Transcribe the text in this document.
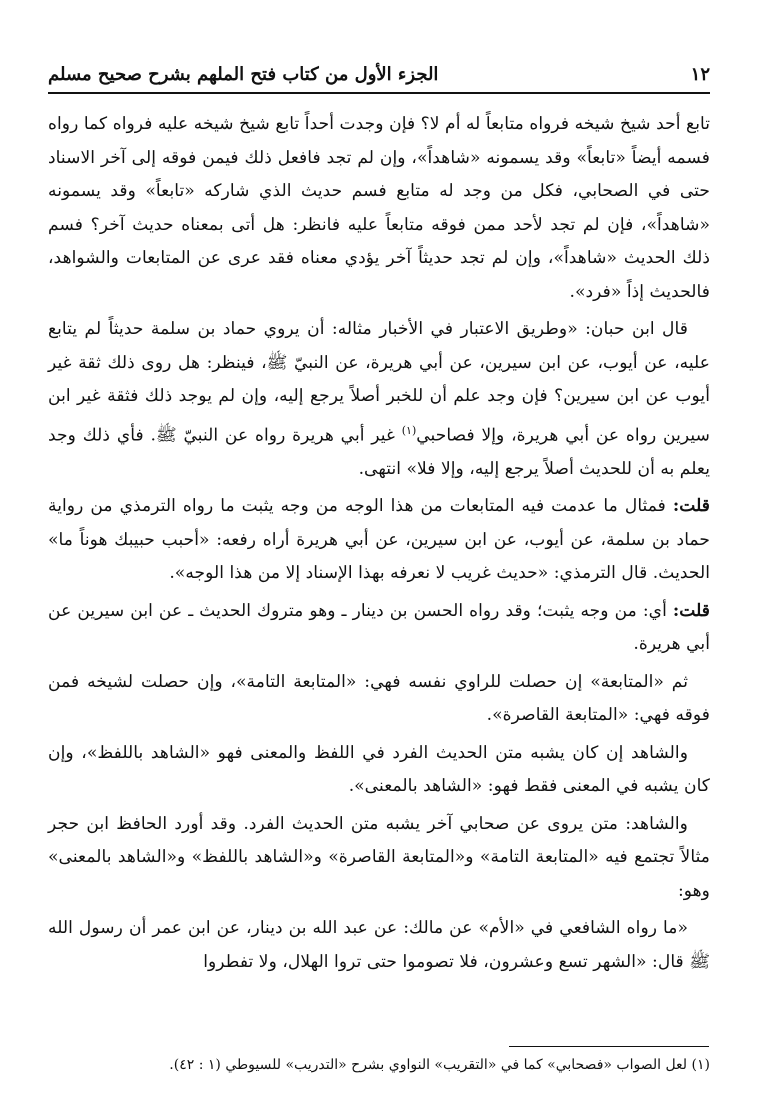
١٢
الجزء الأول من كتاب فتح الملهم بشرح صحيح مسلم

تابع أحد شيخ شيخه فرواه متابعاً له أم لا؟ فإن وجدت أحداً تابع شيخ شيخه عليه فرواه كما رواه فسمه أيضاً «تابعاً» وقد يسمونه «شاهداً»، وإن لم تجد فافعل ذلك فيمن فوقه إلى آخر الاسناد حتى في الصحابي، فكل من وجد له متابع فسم حديث الذي شاركه «تابعاً» وقد يسمونه «شاهداً»، فإن لم تجد لأحد ممن فوقه متابعاً عليه فانظر: هل أتى بمعناه حديث آخر؟ فسم ذلك الحديث «شاهداً»، وإن لم تجد حديثاً آخر يؤدي معناه فقد عرى عن المتابعات والشواهد، فالحديث إذاً «فرد».

قال ابن حبان: «وطريق الاعتبار في الأخبار مثاله: أن يروي حماد بن سلمة حديثاً لم يتابع عليه، عن أيوب، عن ابن سيرين، عن أبي هريرة، عن النبيّ ﷺ، فينظر: هل روى ذلك ثقة غير أيوب عن ابن سيرين؟ فإن وجد علم أن للخبر أصلاً يرجع إليه، وإن لم يوجد ذلك فثقة غير ابن سيرين رواه عن أبي هريرة، وإلا فصاحبي$^{(١)}$ غير أبي هريرة رواه عن النبيّ ﷺ. فأي ذلك وجد يعلم به أن للحديث أصلاً يرجع إليه، وإلا فلا» انتهى.

قلت: فمثال ما عدمت فيه المتابعات من هذا الوجه من وجه يثبت ما رواه الترمذي من رواية حماد بن سلمة، عن أيوب، عن ابن سيرين، عن أبي هريرة أراه رفعه: «أحبب حبيبك هوناً ما» الحديث. قال الترمذي: «حديث غريب لا نعرفه بهذا الإسناد إلا من هذا الوجه».

قلت: أي: من وجه يثبت؛ وقد رواه الحسن بن دينار ـ وهو متروك الحديث ـ عن ابن سيرين عن أبي هريرة.

ثم «المتابعة» إن حصلت للراوي نفسه فهي: «المتابعة التامة»، وإن حصلت لشيخه فمن فوقه فهي: «المتابعة القاصرة».

والشاهد إن كان يشبه متن الحديث الفرد في اللفظ والمعنى فهو «الشاهد باللفظ»، وإن كان يشبه في المعنى فقط فهو: «الشاهد بالمعنى».

والشاهد: متن يروى عن صحابي آخر يشبه متن الحديث الفرد. وقد أورد الحافظ ابن حجر مثالاً تجتمع فيه «المتابعة التامة» و«المتابعة القاصرة» و«الشاهد باللفظ» و«الشاهد بالمعنى» وهو:

«ما رواه الشافعي في «الأم» عن مالك: عن عبد الله بن دينار، عن ابن عمر أن رسول الله ﷺ قال: «الشهر تسع وعشرون، فلا تصوموا حتى تروا الهلال، ولا تفطروا

(١) لعل الصواب «فصحابي» كما في «التقريب» النواوي بشرح «التدريب» للسيوطي (١ : ٤٢).
